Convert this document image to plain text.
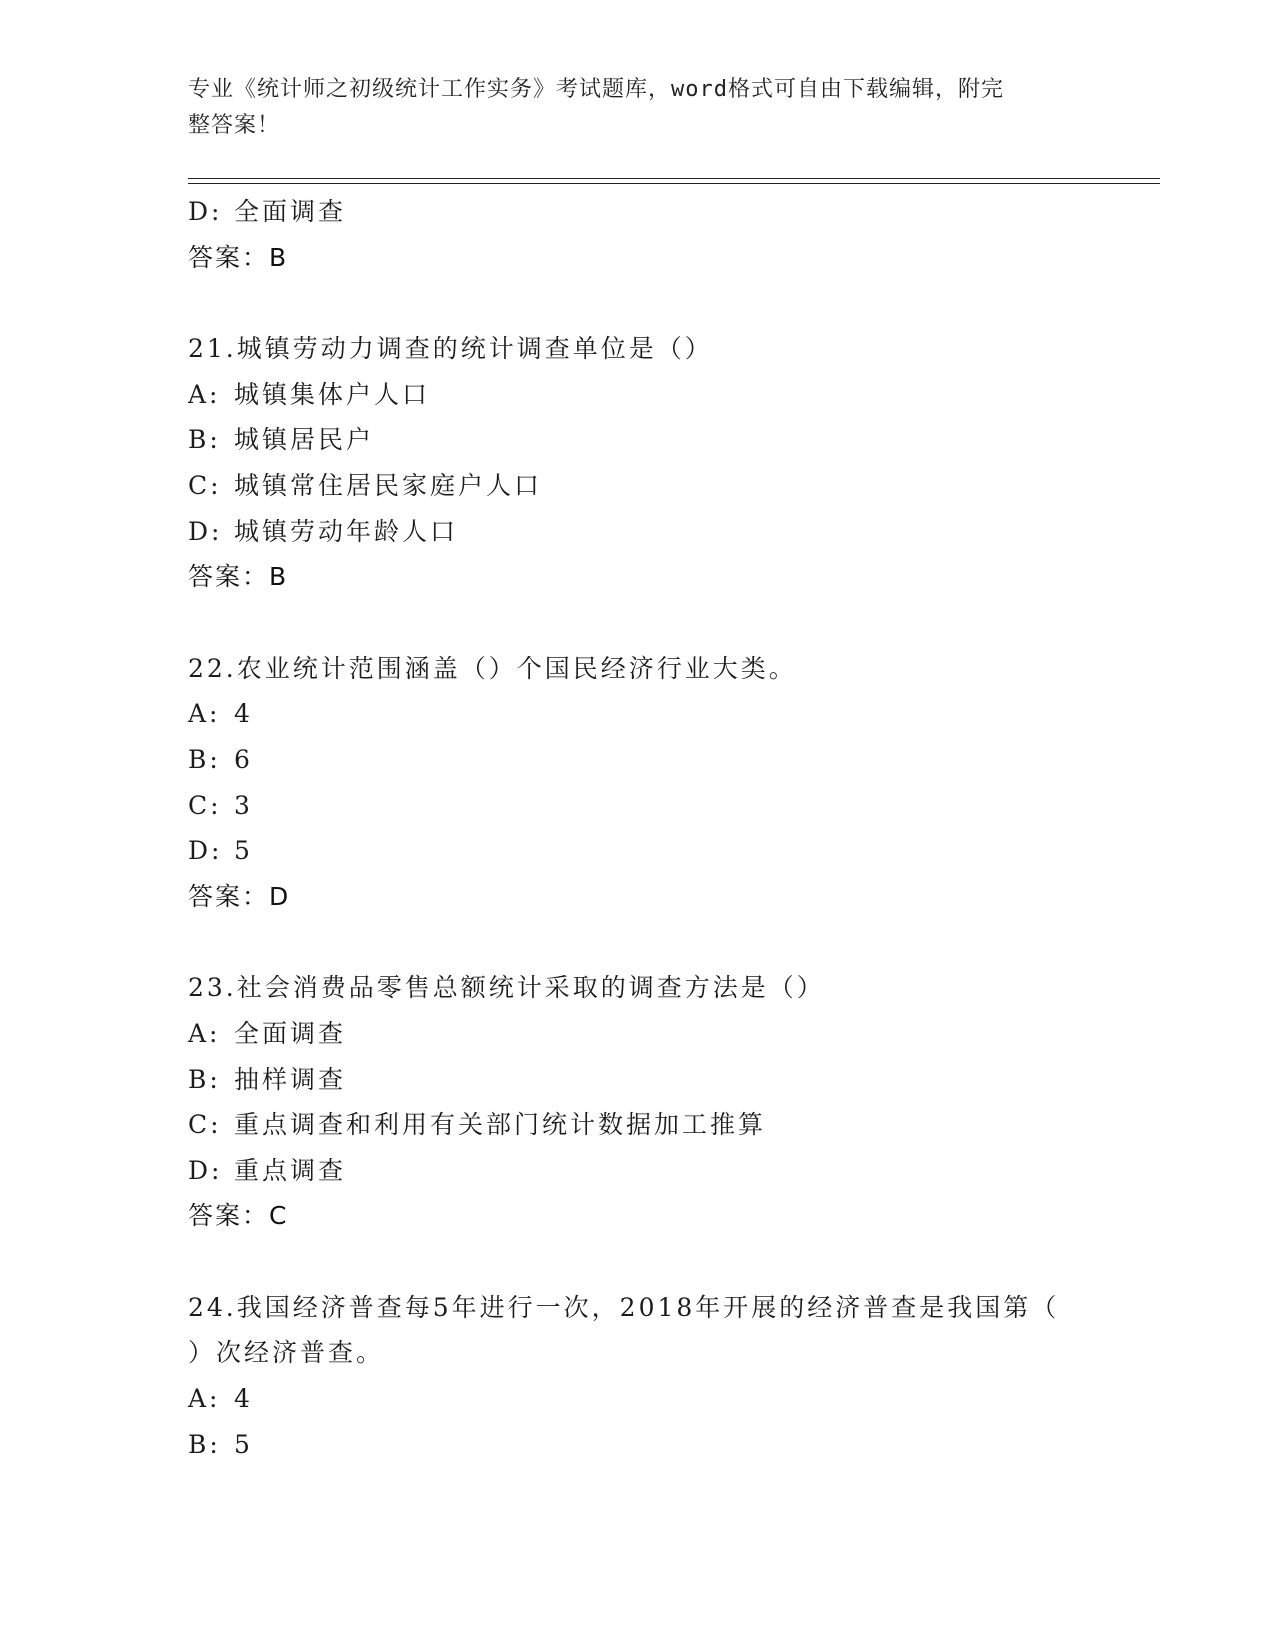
专业《统计师之初级统计工作实务》考试题库，word格式可自由下载编辑，附完
整答案！
D: 全面调查
答案：B
21.城镇劳动力调查的统计调查单位是（）
A: 城镇集体户人口
B: 城镇居民户
C: 城镇常住居民家庭户人口
D: 城镇劳动年龄人口
答案：B
22.农业统计范围涵盖（）个国民经济行业大类。
A: 4
B: 6
C: 3
D: 5
答案：D
23.社会消费品零售总额统计采取的调查方法是（）
A: 全面调查
B: 抽样调查
C: 重点调查和利用有关部门统计数据加工推算
D: 重点调查
答案：C
24.我国经济普查每5年进行一次，2018年开展的经济普查是我国第（
）次经济普查。
A: 4
B: 5
